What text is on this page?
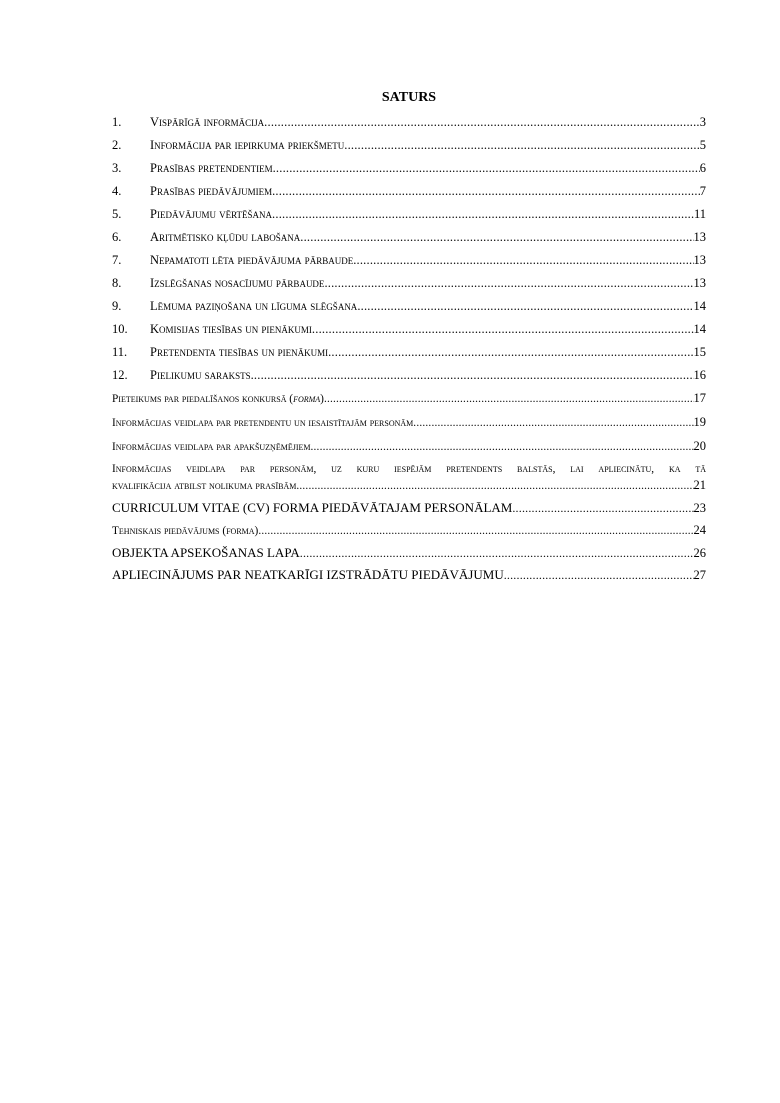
SATURS
1.	Vispārīgā informācija .....	3
2.	Informācija par iepirkuma priekšmetu .....	5
3.	Prasības pretendentiem .....	6
4.	Prasības piedāvājumiem .....	7
5.	Piedāvājumu vērtēšana .....	11
6.	Aritmētisko kļūdu labošana .....	13
7.	Nepamatoti lēta piedāvājuma pārbaude .....	13
8.	Izslēgšanas nosacījumu pārbaude .....	13
9.	Lēmuma paziņošana un līguma slēgšana .....	14
10.	Komisijas tiesības un pienākumi .....	14
11.	Pretendenta tiesības un pienākumi .....	15
12.	Pielikumu saraksts .....	16
Pieteikums par piedalīšanos konkursā (forma) .....	17
Informācijas veidlapa par pretendentu un iesaistītajām personām .....	19
Informācijas veidlapa par apakšuzņēmējiem .....	20
Informācijas veidlapa par personām, uz kuru iespējām pretendents balstās, lai apliecinātu, ka tā
kvalifikācija atbilst nolikuma prasībām .....	21
CURRICULUM VITAE (CV) FORMA PIEDĀVĀTAJAM PERSONĀLAM .....	23
Tehniskais piedāvājums (forma) .....	24
OBJEKTA APSEKOŠANAS LAPA .....	26
APLIECINĀJUMS PAR NEATKARĪGI IZSTRĀDĀTU PIEDĀVĀJUMU .....	27
